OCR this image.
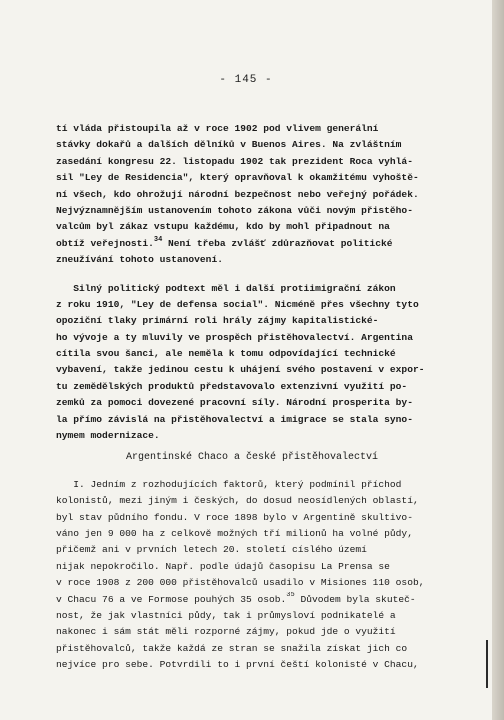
- 145 -
tí vláda přistoupila až v roce 1902 pod vlivem generální
stávky dokařů a dalších dělníků v Buenos Aires. Na zvláštním
zasedání kongresu 22. listopadu 1902 tak prezident Roca vyhlá-
sil "Ley de Residencia", který opravňoval k okamžitému vyhoště-
ní všech, kdo ohrožují národní bezpečnost nebo veřejný pořádek.
Nejvýznamnějším ustanovením tohoto zákona vůči novým přistěho-
valcům byl zákaz vstupu každému, kdo by mohl připadnout na
obtíž veřejnosti.$^{34}$ Není třeba zvlášť zdůrazňovat politické
zneužívání tohoto ustanovení.
Silný politický podtext měl i další protiimigrační zákon
z roku 1910, "Ley de defensa social". Nicméně přes všechny tyto
opoziční tlaky primární roli hrály zájmy kapitalistické-
ho vývoje a ty mluvily ve prospěch přistěhovalectví. Argentina
cítila svou šanci, ale neměla k tomu odpovídající technické
vybavení, takže jedinou cestu k uhájení svého postavení v expor-
tu zemědělských produktů představovalo extenzivní využití po-
zemků za pomoci dovezené pracovní síly. Národní prosperita by-
la přímo závislá na přistěhovalectví a imigrace se stala syno-
nymem modernizace.
Argentinské Chaco a české přistěhovalectví
I. Jedním z rozhodujících faktorů, který podmínil příchod
kolonistů, mezi jiným i českých, do dosud neosídlených oblastí,
byl stav půdního fondu. V roce 1898 bylo v Argentině skultivo-
váno jen 9 000 ha z celkově možných tří milionů ha volné půdy,
přičemž ani v prvních letech 20. století císlého území
nijak nepokročilo. Např. podle údajů časopisu La Prensa se
v roce 1908 z 200 000 přistěhovalců usadilo v Misiones 110 osob,
v Chacu 76 a ve Formose pouhých 35 osob.$^{35}$ Důvodem byla skuteč-
nost, že jak vlastníci půdy, tak i průmysloví podnikatelé a
nakonec i sám stát měli rozporné zájmy, pokud jde o využití
přistěhovalců, takže každá ze stran se snažila získat jich co
nejvíce pro sebe. Potvrdili to i první čeští kolonisté v Chacu,
